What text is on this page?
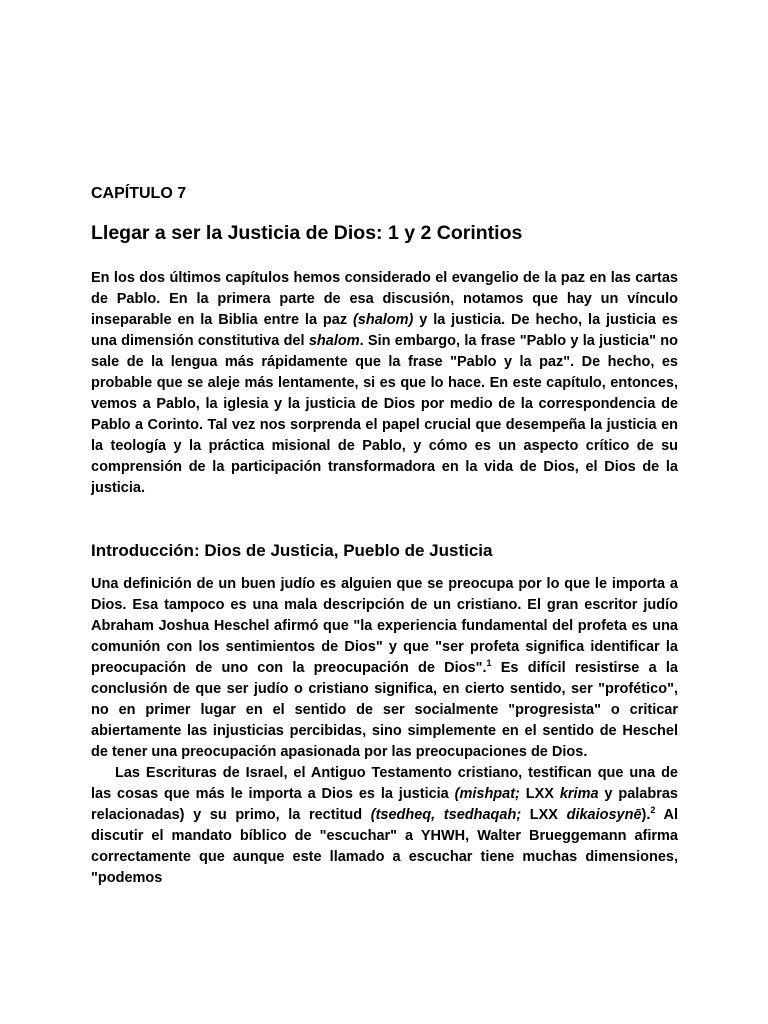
CAPÍTULO 7
Llegar a ser la Justicia de Dios: 1 y 2 Corintios

En los dos últimos capítulos hemos considerado el evangelio de la paz en las cartas de Pablo. En la primera parte de esa discusión, notamos que hay un vínculo inseparable en la Biblia entre la paz (shalom) y la justicia. De hecho, la justicia es una dimensión constitutiva del shalom. Sin embargo, la frase "Pablo y la justicia" no sale de la lengua más rápidamente que la frase "Pablo y la paz". De hecho, es probable que se aleje más lentamente, si es que lo hace. En este capítulo, entonces, vemos a Pablo, la iglesia y la justicia de Dios por medio de la correspondencia de Pablo a Corinto. Tal vez nos sorprenda el papel crucial que desempeña la justicia en la teología y la práctica misional de Pablo, y cómo es un aspecto crítico de su comprensión de la participación transformadora en la vida de Dios, el Dios de la justicia.

Introducción: Dios de Justicia, Pueblo de Justicia

Una definición de un buen judío es alguien que se preocupa por lo que le importa a Dios. Esa tampoco es una mala descripción de un cristiano. El gran escritor judío Abraham Joshua Heschel afirmó que "la experiencia fundamental del profeta es una comunión con los sentimientos de Dios" y que "ser profeta significa identificar la preocupación de uno con la preocupación de Dios".$^1$ Es difícil resistirse a la conclusión de que ser judío o cristiano significa, en cierto sentido, ser "profético", no en primer lugar en el sentido de ser socialmente "progresista" o criticar abiertamente las injusticias percibidas, sino simplemente en el sentido de Heschel de tener una preocupación apasionada por las preocupaciones de Dios.

Las Escrituras de Israel, el Antiguo Testamento cristiano, testifican que una de las cosas que más le importa a Dios es la justicia (mishpat; LXX krima y palabras relacionadas) y su primo, la rectitud (tsedheq, tsedhaqah; LXX dikaiosynē).$^2$ Al discutir el mandato bíblico de "escuchar" a YHWH, Walter Brueggemann afirma correctamente que aunque este llamado a escuchar tiene muchas dimensiones, "podemos
